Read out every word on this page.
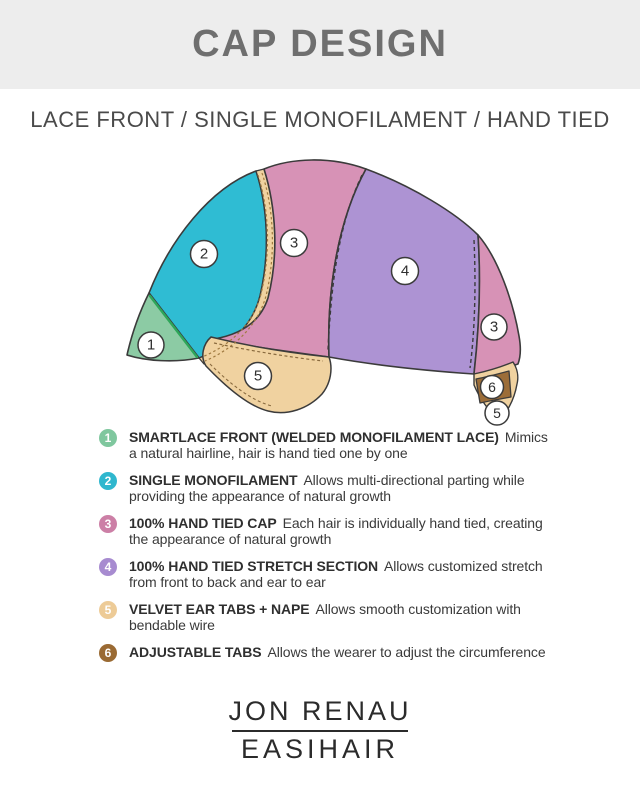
CAP DESIGN
LACE FRONT / SINGLE MONOFILAMENT / HAND TIED
1
2
3
4
3
5
6
5
1	SMARTLACE FRONT (WELDED MONOFILAMENT LACE) Mimics a natural hairline, hair is hand tied one by one
2	SINGLE MONOFILAMENT Allows multi-directional parting while providing the appearance of natural growth
3	100% HAND TIED CAP Each hair is individually hand tied, creating the appearance of natural growth
4	100% HAND TIED STRETCH SECTION Allows customized stretch from front to back and ear to ear
5	VELVET EAR TABS + NAPE Allows smooth customization with bendable wire
6	ADJUSTABLE TABS Allows the wearer to adjust the circumference
JON RENAU
EASIHAIR
